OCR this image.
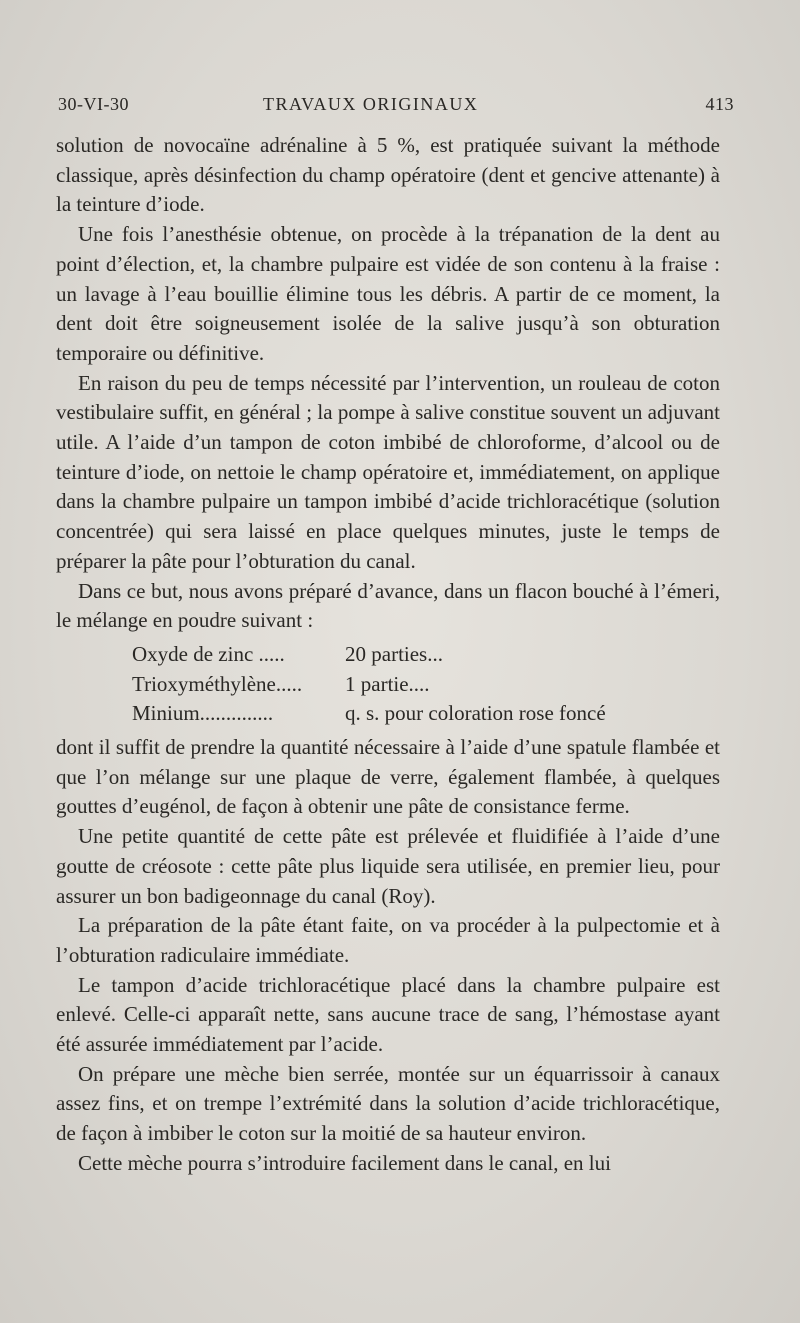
30-VI-30	TRAVAUX ORIGINAUX	413

solution de novocaïne adrénaline à 5 %, est pratiquée suivant la méthode classique, après désinfection du champ opératoire (dent et gencive attenante) à la teinture d’iode.

Une fois l’anesthésie obtenue, on procède à la trépanation de la dent au point d’élection, et, la chambre pulpaire est vidée de son contenu à la fraise : un lavage à l’eau bouillie élimine tous les débris. A partir de ce moment, la dent doit être soigneusement isolée de la salive jusqu’à son obturation temporaire ou définitive.

En raison du peu de temps nécessité par l’intervention, un rouleau de coton vestibulaire suffit, en général ; la pompe à salive constitue souvent un adjuvant utile. A l’aide d’un tampon de coton imbibé de chloroforme, d’alcool ou de teinture d’iode, on nettoie le champ opératoire et, immédiatement, on applique dans la chambre pulpaire un tampon imbibé d’acide trichloracétique (solution concentrée) qui sera laissé en place quelques minutes, juste le temps de préparer la pâte pour l’obturation du canal.

Dans ce but, nous avons préparé d’avance, dans un flacon bouché à l’émeri, le mélange en poudre suivant :

Oxyde de zinc .....	20 parties...
Trioxyméthylène.....	1 partie....
Minium..............	q. s. pour coloration rose foncé

dont il suffit de prendre la quantité nécessaire à l’aide d’une spatule flambée et que l’on mélange sur une plaque de verre, également flambée, à quelques gouttes d’eugénol, de façon à obtenir une pâte de consistance ferme.

Une petite quantité de cette pâte est prélevée et fluidifiée à l’aide d’une goutte de créosote : cette pâte plus liquide sera utilisée, en premier lieu, pour assurer un bon badigeonnage du canal (Roy).

La préparation de la pâte étant faite, on va procéder à la pulpectomie et à l’obturation radiculaire immédiate.

Le tampon d’acide trichloracétique placé dans la chambre pulpaire est enlevé. Celle-ci apparaît nette, sans aucune trace de sang, l’hémostase ayant été assurée immédiatement par l’acide.

On prépare une mèche bien serrée, montée sur un équarrissoir à canaux assez fins, et on trempe l’extrémité dans la solution d’acide trichloracétique, de façon à imbiber le coton sur la moitié de sa hauteur environ.

Cette mèche pourra s’introduire facilement dans le canal, en lui
